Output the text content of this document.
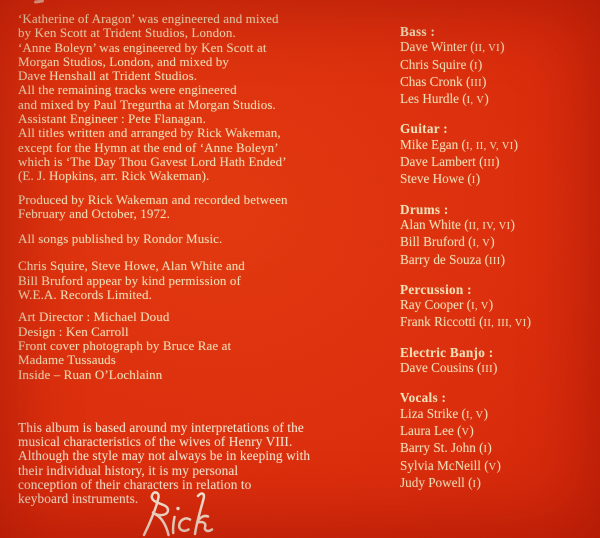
‘Katherine of Aragon’ was engineered and mixed
by Ken Scott at Trident Studios, London.
‘Anne Boleyn’ was engineered by Ken Scott at
Morgan Studios, London, and mixed by
Dave Henshall at Trident Studios.
All the remaining tracks were engineered
and mixed by Paul Tregurtha at Morgan Studios.
Assistant Engineer : Pete Flanagan.
All titles written and arranged by Rick Wakeman,
except for the Hymn at the end of ‘Anne Boleyn’
which is ‘The Day Thou Gavest Lord Hath Ended’
(E. J. Hopkins, arr. Rick Wakeman).
Produced by Rick Wakeman and recorded between
February and October, 1972.
All songs published by Rondor Music.
Chris Squire, Steve Howe, Alan White and
Bill Bruford appear by kind permission of
W.E.A. Records Limited.
Art Director : Michael Doud
Design : Ken Carroll
Front cover photograph by Bruce Rae at
Madame Tussauds
Inside – Ruan O’Lochlainn
This album is based around my interpretations of the
musical characteristics of the wives of Henry VIII.
Although the style may not always be in keeping with
their individual history, it is my personal
conception of their characters in relation to
keyboard instruments.
Bass :
Dave Winter (II, VI)
Chris Squire (I)
Chas Cronk (III)
Les Hurdle (I, V)
Guitar :
Mike Egan (I, II, V, VI)
Dave Lambert (III)
Steve Howe (I)
Drums :
Alan White (II, IV, VI)
Bill Bruford (I, V)
Barry de Souza (III)
Percussion :
Ray Cooper (I, V)
Frank Riccotti (II, III, VI)
Electric Banjo :
Dave Cousins (III)
Vocals :
Liza Strike (I, V)
Laura Lee (V)
Barry St. John (I)
Sylvia McNeill (V)
Judy Powell (I)
